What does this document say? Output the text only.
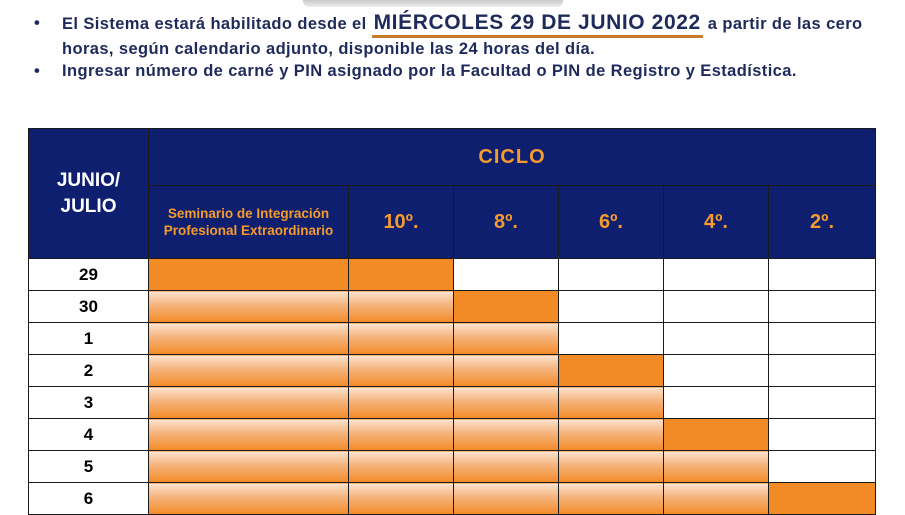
• El Sistema estará habilitado desde el MIÉRCOLES 29 DE JUNIO 2022 a partir de las cero horas, según calendario adjunto, disponible las 24 horas del día.
• Ingresar número de carné y PIN asignado por la Facultad o PIN de Registro y Estadística.
JUNIO/
JULIO	CICLO					
	Seminario de Integración Profesional Extraordinario	10º.	8º.	6º.	4º.	2º.
29						
30						
1						
2						
3						
4						
5						
6						
